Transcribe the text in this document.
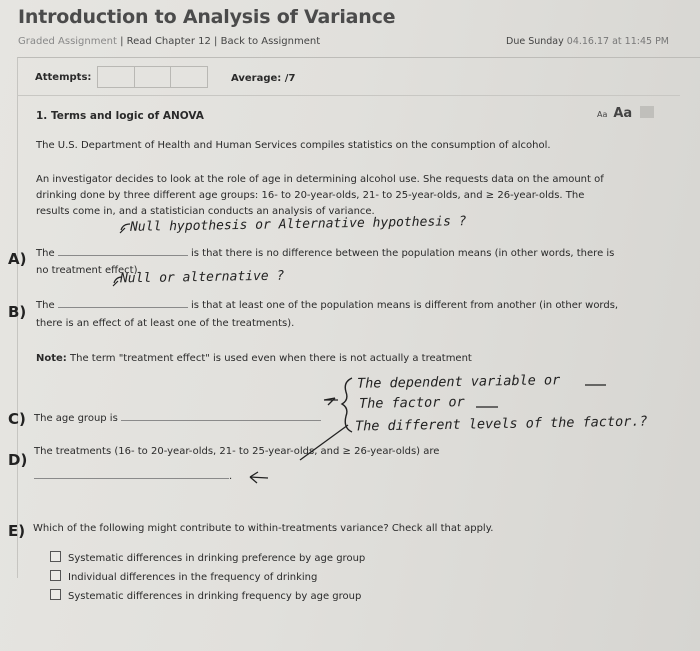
Introduction to Analysis of Variance
Graded Assignment | Read Chapter 12 | Back to Assignment	Due Sunday 04.16.17 at 11:45 PM
Attempts:	Average: /7
1. Terms and logic of ANOVA	Aa Aa
The U.S. Department of Health and Human Services compiles statistics on the consumption of alcohol.
An investigator decides to look at the role of age in determining alcohol use. She requests data on the amount of
drinking done by three different age groups: 16- to 20-year-olds, 21- to 25-year-olds, and ≥ 26-year-olds. The
results come in, and a statistician conducts an analysis of variance.
The	is that there is no difference between the population means (in other words, there is
no treatment effect).
The	is that at least one of the population means is different from another (in other words,
there is an effect of at least one of the treatments).
Note: The term "treatment effect" is used even when there is not actually a treatment
The age group is
The treatments (16- to 20-year-olds, 21- to 25-year-olds, and ≥ 26-year-olds) are
.
Which of the following might contribute to within-treatments variance? Check all that apply.
Systematic differences in drinking preference by age group
Individual differences in the frequency of drinking
Systematic differences in drinking frequency by age group
Null hypothesis or Alternative hypothesis ?
Null or alternative ?
The dependent variable or
The factor or
The different levels of the factor.?
A)
B)
C)
D)
E)
